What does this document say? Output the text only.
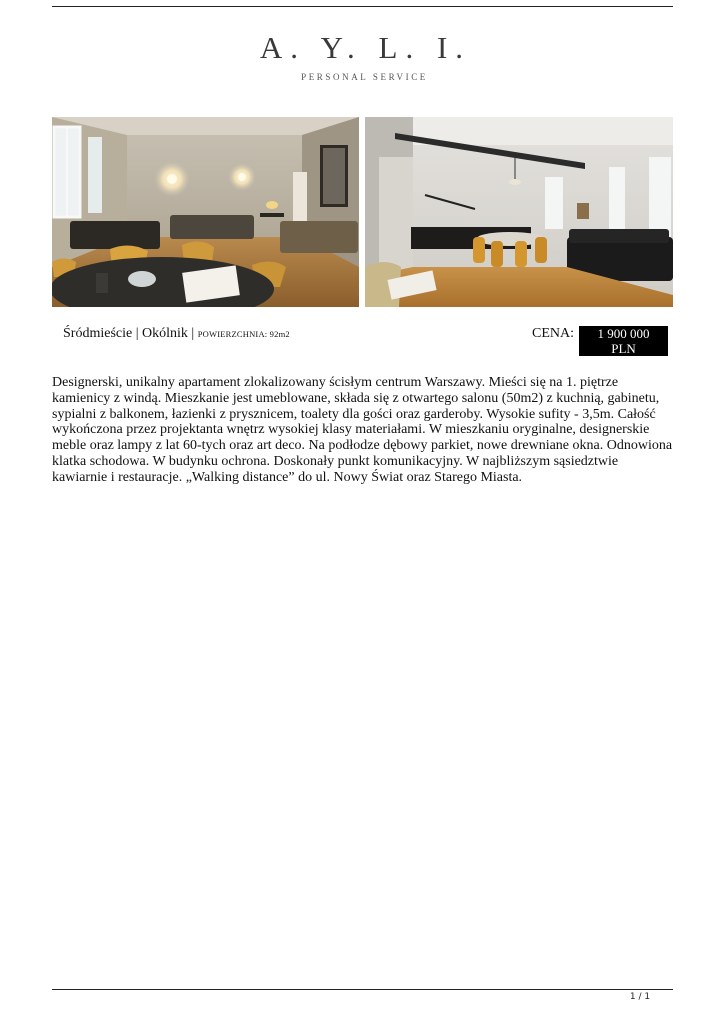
A. Y. L. I.
PERSONAL SERVICE
Śródmieście | Okólnik | POWIERZCHNIA: 92m2	CENA:	1 900 000
PLN
Designerski, unikalny apartament zlokalizowany ścisłym centrum Warszawy. Mieści się na 1. piętrze kamienicy z windą. Mieszkanie jest umeblowane, składa się z otwartego salonu (50m2) z kuchnią, gabinetu, sypialni z balkonem, łazienki z prysznicem, toalety dla gości oraz garderoby. Wysokie sufity - 3,5m. Całość wykończona przez projektanta wnętrz wysokiej klasy materiałami. W mieszkaniu oryginalne, designerskie meble oraz lampy z lat 60-tych oraz art deco. Na podłodze dębowy parkiet, nowe drewniane okna. Odnowiona klatka schodowa. W budynku ochrona. Doskonały punkt komunikacyjny. W najbliższym sąsiedztwie kawiarnie i restauracje. „Walking distance” do ul. Nowy Świat oraz Starego Miasta.
1 / 1
